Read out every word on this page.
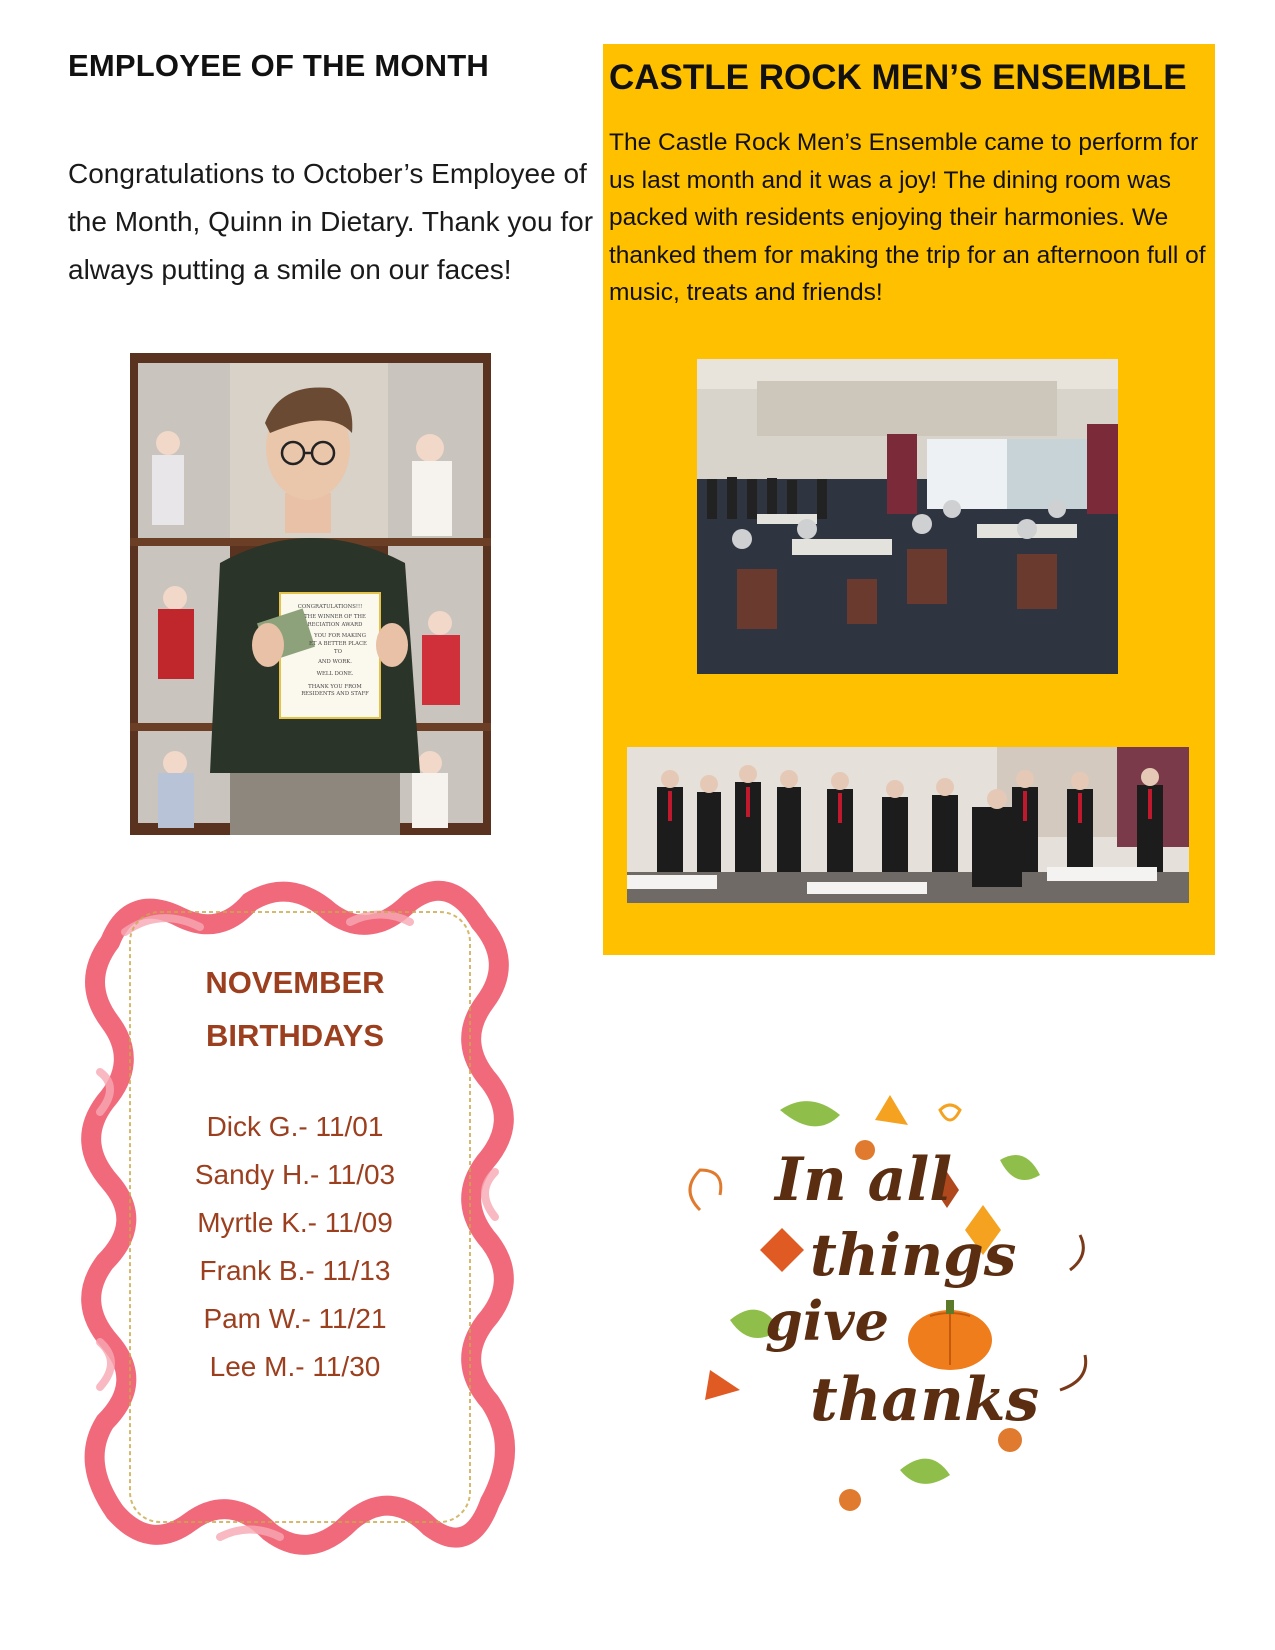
EMPLOYEE OF THE MONTH

Congratulations to October’s Employee of the Month, Quinn in Dietary. Thank you for always putting a smile on our faces!

CONGRATULATIONS!!!
THE WINNER OF THE
RECIATION AWARD
YOU FOR MAKING
ET A BETTER PLACE
TO
AND WORK.
WELL DONE.
THANK YOU FROM
RESIDENTS AND STAFF
CASTLE ROCK MEN’S ENSEMBLE

The Castle Rock Men’s Ensemble came to perform for us last month and it was a joy! The dining room was packed with residents enjoying their harmonies. We thanked them for making the trip for an afternoon full of music, treats and friends!

NOVEMBER
BIRTHDAYS
Dick G.- 11/01
Sandy H.- 11/03
Myrtle K.- 11/09
Frank B.- 11/13
Pam W.- 11/21
Lee M.- 11/30
In all
things
give
thanks
